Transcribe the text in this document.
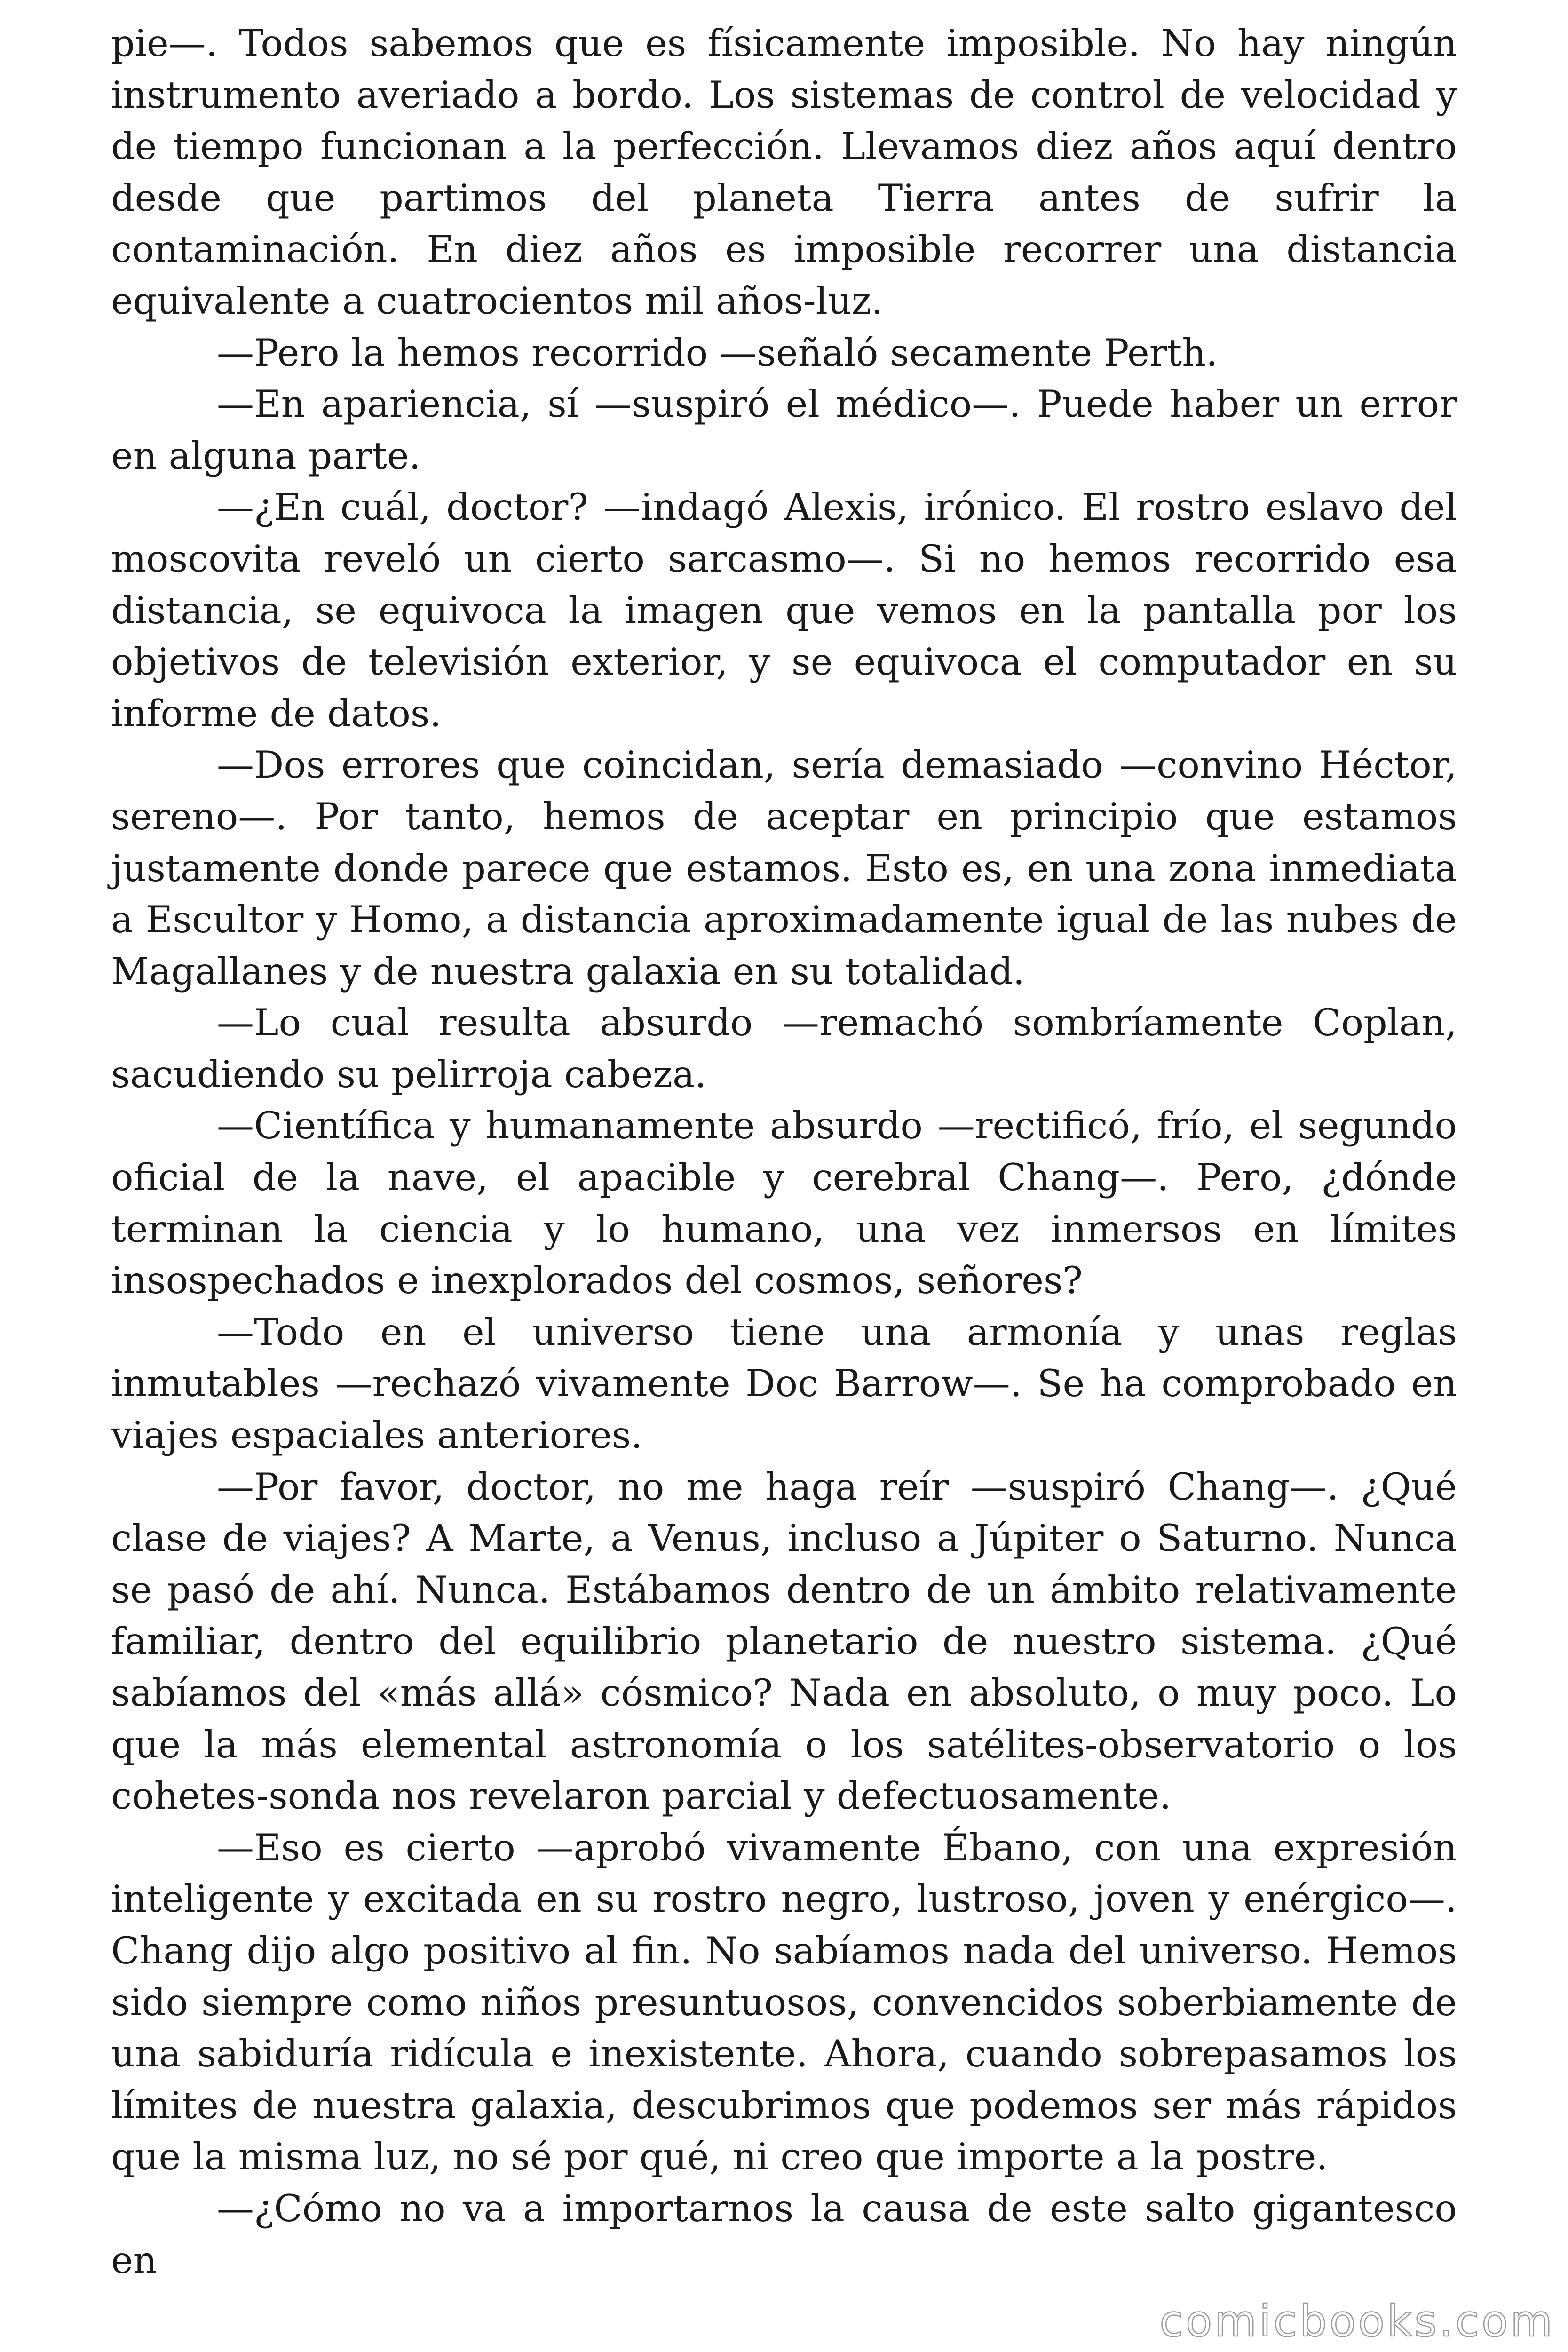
pie—. Todos sabemos que es físicamente imposible. No hay ningún instrumento averiado a bordo. Los sistemas de control de velocidad y de tiempo funcionan a la perfección. Llevamos diez años aquí dentro desde que partimos del planeta Tierra antes de sufrir la contaminación. En diez años es imposible recorrer una distancia equivalente a cuatrocientos mil años-luz.

—Pero la hemos recorrido —señaló secamente Perth.

—En apariencia, sí —suspiró el médico—. Puede haber un error en alguna parte.

—¿En cuál, doctor? —indagó Alexis, irónico. El rostro eslavo del moscovita reveló un cierto sarcasmo—. Si no hemos recorrido esa distancia, se equivoca la imagen que vemos en la pantalla por los objetivos de televisión exterior, y se equivoca el computador en su informe de datos.

—Dos errores que coincidan, sería demasiado —convino Héctor, sereno—. Por tanto, hemos de aceptar en principio que estamos justamente donde parece que estamos. Esto es, en una zona inmediata a Escultor y Homo, a distancia aproximadamente igual de las nubes de Magallanes y de nuestra galaxia en su totalidad.

—Lo cual resulta absurdo —remachó sombríamente Coplan, sacudiendo su pelirroja cabeza.

—Científica y humanamente absurdo —rectificó, frío, el segundo oficial de la nave, el apacible y cerebral Chang—. Pero, ¿dónde terminan la ciencia y lo humano, una vez inmersos en límites insospechados e inexplorados del cosmos, señores?

—Todo en el universo tiene una armonía y unas reglas inmutables —rechazó vivamente Doc Barrow—. Se ha comprobado en viajes espaciales anteriores.

—Por favor, doctor, no me haga reír —suspiró Chang—. ¿Qué clase de viajes? A Marte, a Venus, incluso a Júpiter o Saturno. Nunca se pasó de ahí. Nunca. Estábamos dentro de un ámbito relativamente familiar, dentro del equilibrio planetario de nuestro sistema. ¿Qué sabíamos del «más allá» cósmico? Nada en absoluto, o muy poco. Lo que la más elemental astronomía o los satélites-observatorio o los cohetes-sonda nos revelaron parcial y defectuosamente.

—Eso es cierto —aprobó vivamente Ébano, con una expresión inteligente y excitada en su rostro negro, lustroso, joven y enérgico—. Chang dijo algo positivo al fin. No sabíamos nada del universo. Hemos sido siempre como niños presuntuosos, convencidos soberbiamente de una sabiduría ridícula e inexistente. Ahora, cuando sobrepasamos los límites de nuestra galaxia, descubrimos que podemos ser más rápidos que la misma luz, no sé por qué, ni creo que importe a la postre.

—¿Cómo no va a importarnos la causa de este salto gigantesco en

comicbooks.com
